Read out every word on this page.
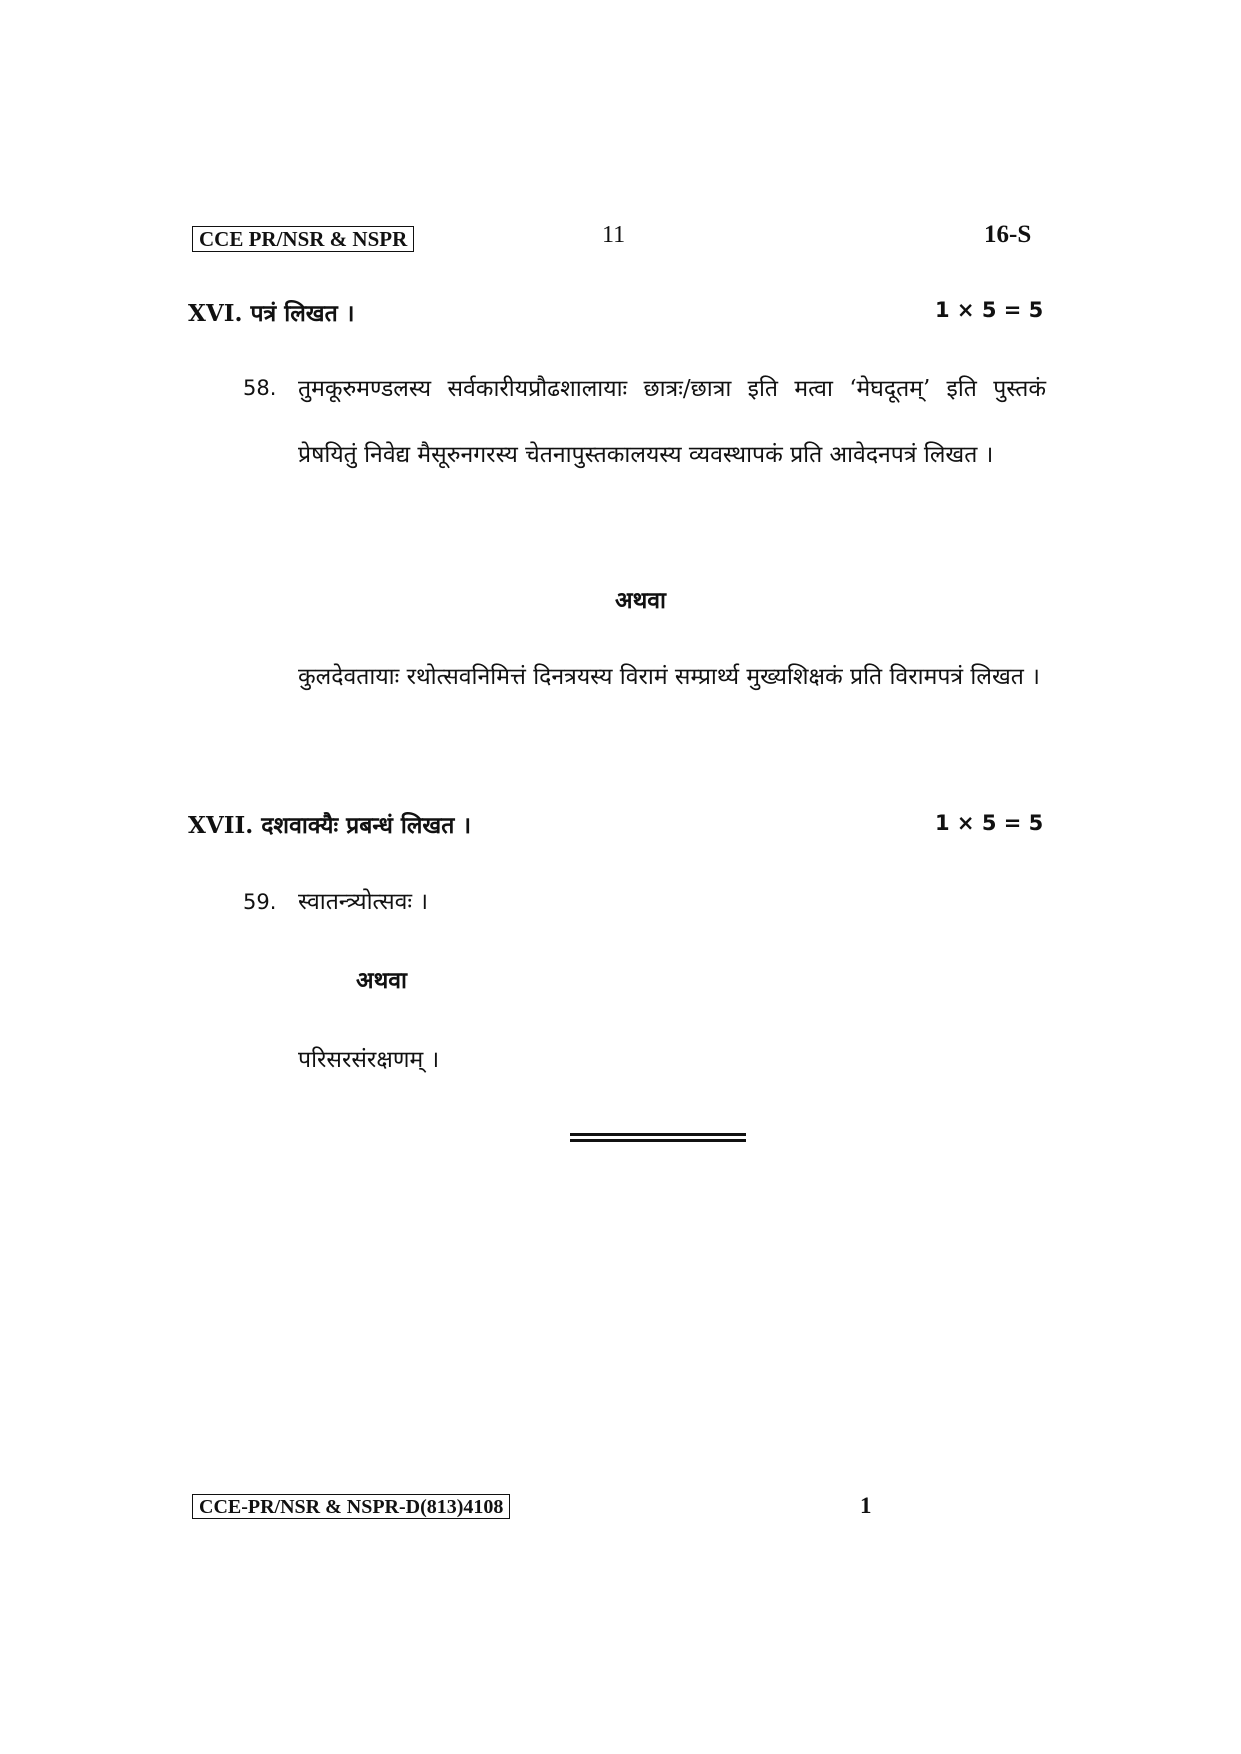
CCE PR/NSR & NSPR	11	16-S
XVI. पत्रं लिखत ।	1 × 5 = 5
58. तुमकूरुमण्डलस्य सर्वकारीयप्रौढशालायाः छात्रः/छात्रा इति मत्वा ‘मेघदूतम्’ इति पुस्तकं प्रेषयितुं निवेद्य मैसूरुनगरस्य चेतनापुस्तकालयस्य व्यवस्थापकं प्रति आवेदनपत्रं लिखत ।
अथवा
कुलदेवतायाः रथोत्सवनिमित्तं दिनत्रयस्य विरामं सम्प्रार्थ्य मुख्यशिक्षकं प्रति विरामपत्रं लिखत ।
XVII. दशवाक्यैः प्रबन्धं लिखत ।	1 × 5 = 5
59. स्वातन्त्र्योत्सवः ।
अथवा
परिसरसंरक्षणम् ।
CCE-PR/NSR & NSPR-D(813)4108	1
